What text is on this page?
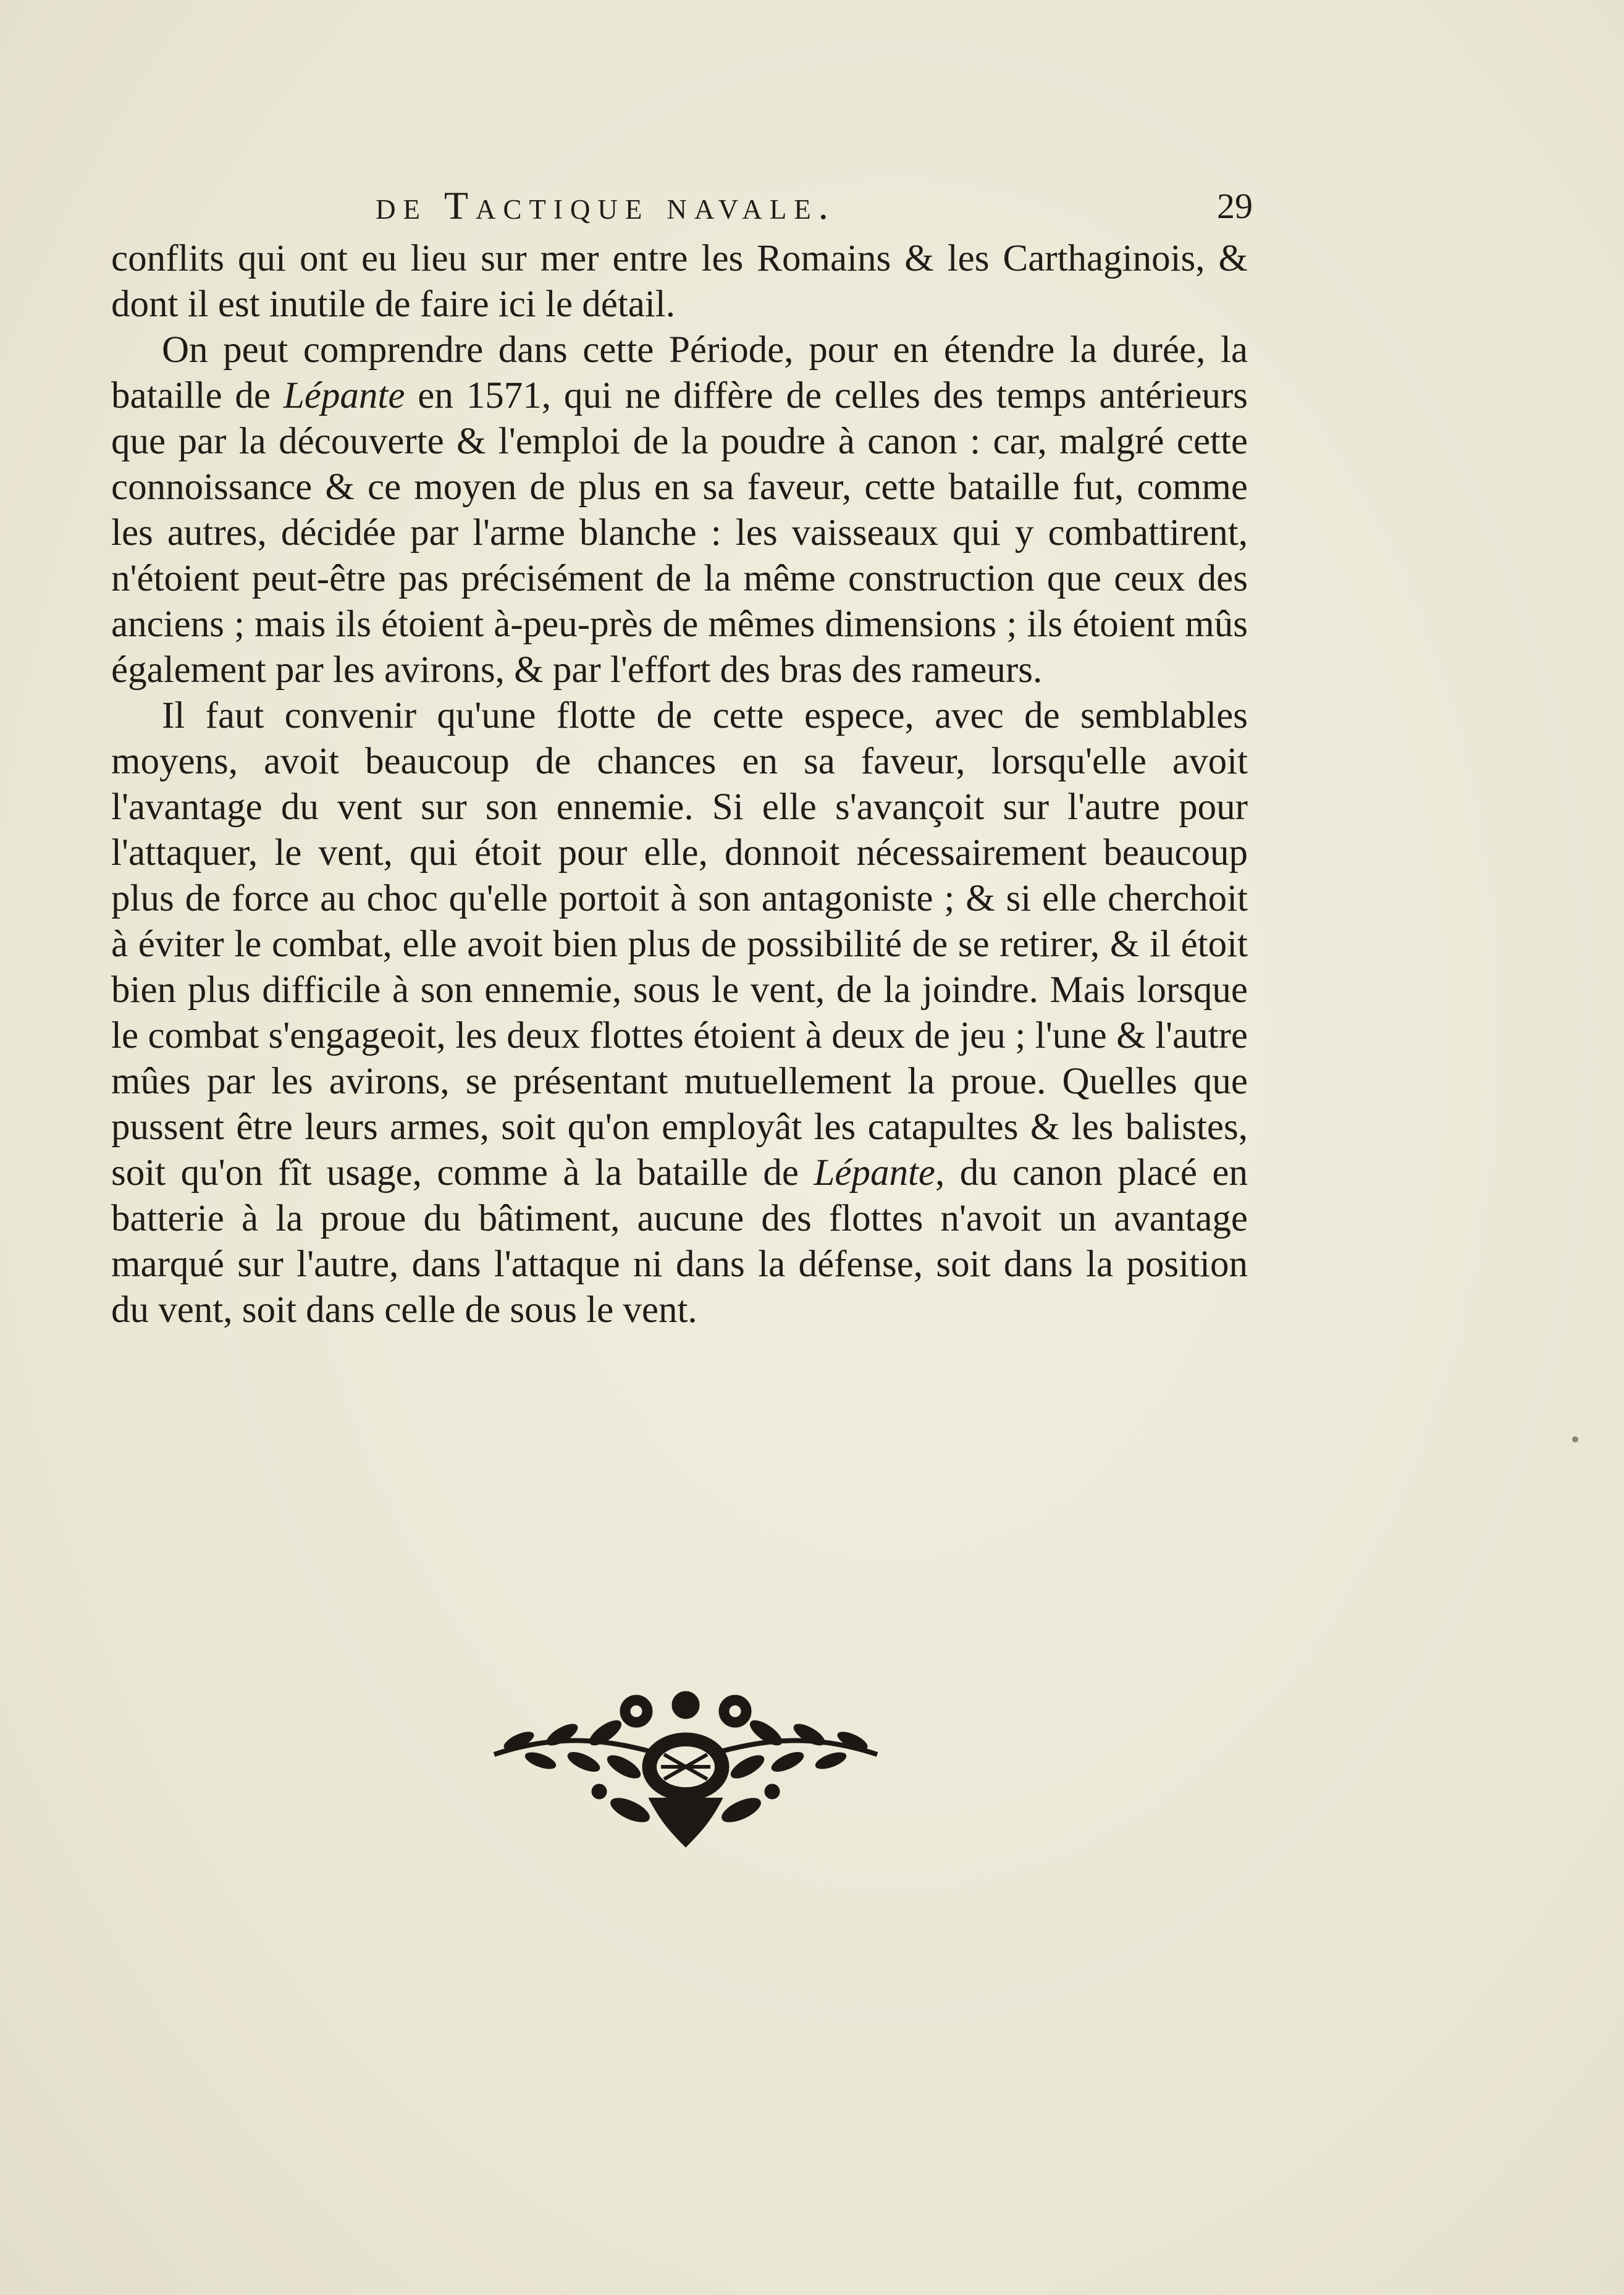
de Tactique navale.	29

conflits qui ont eu lieu sur mer entre les Romains & les Carthaginois, & dont il est inutile de faire ici le détail.

On peut comprendre dans cette Période, pour en étendre la durée, la bataille de Lépante en 1571, qui ne diffère de celles des temps antérieurs que par la découverte & l'emploi de la poudre à canon : car, malgré cette connoissance & ce moyen de plus en sa faveur, cette bataille fut, comme les autres, décidée par l'arme blanche : les vaisseaux qui y combattirent, n'étoient peut-être pas précisément de la même construction que ceux des anciens ; mais ils étoient à-peu-près de mêmes dimensions ; ils étoient mûs également par les avirons, & par l'effort des bras des rameurs.

Il faut convenir qu'une flotte de cette espece, avec de semblables moyens, avoit beaucoup de chances en sa faveur, lorsqu'elle avoit l'avantage du vent sur son ennemie. Si elle s'avançoit sur l'autre pour l'attaquer, le vent, qui étoit pour elle, donnoit nécessairement beaucoup plus de force au choc qu'elle portoit à son antagoniste ; & si elle cherchoit à éviter le combat, elle avoit bien plus de possibilité de se retirer, & il étoit bien plus difficile à son ennemie, sous le vent, de la joindre. Mais lorsque le combat s'engageoit, les deux flottes étoient à deux de jeu ; l'une & l'autre mûes par les avirons, se présentant mutuellement la proue. Quelles que pussent être leurs armes, soit qu'on employât les catapultes & les balistes, soit qu'on fît usage, comme à la bataille de Lépante, du canon placé en batterie à la proue du bâtiment, aucune des flottes n'avoit un avantage marqué sur l'autre, dans l'attaque ni dans la défense, soit dans la position du vent, soit dans celle de sous le vent.
